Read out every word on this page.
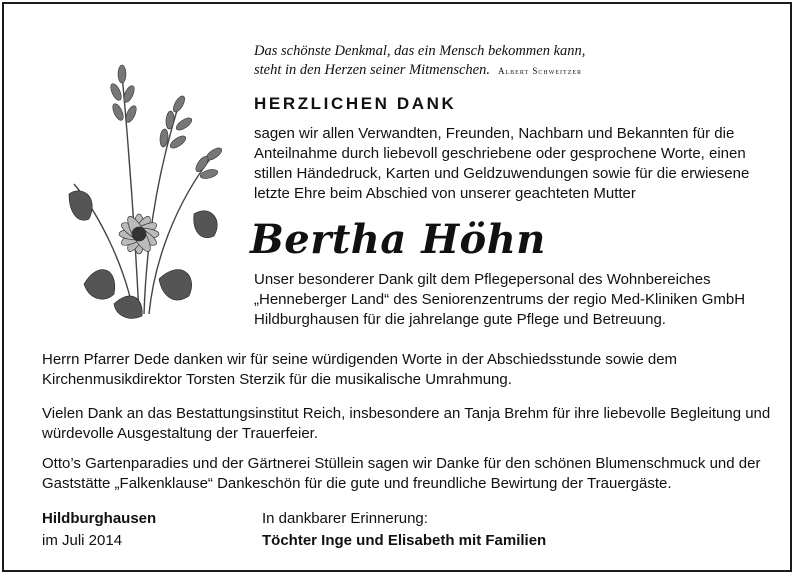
Das schönste Denkmal, das ein Mensch bekommen kann,
steht in den Herzen seiner Mitmenschen. Albert Schweitzer
HERZLICHEN DANK
sagen wir allen Verwandten, Freunden, Nachbarn und Bekannten für die Anteilnahme durch liebevoll geschriebene oder gesprochene Worte, einen stillen Händedruck, Karten und Geldzuwendungen sowie für die erwiesene letzte Ehre beim Abschied von unserer geachteten Mutter
Bertha Höhn
Unser besonderer Dank gilt dem Pflegepersonal des Wohnbereiches „Henneberger Land“ des Seniorenzentrums der regio Med-Kliniken GmbH Hildburghausen für die jahrelange gute Pflege und Betreuung.
Herrn Pfarrer Dede danken wir für seine würdigenden Worte in der Abschiedsstunde sowie dem Kirchenmusikdirektor Torsten Sterzik für die musikalische Umrahmung.
Vielen Dank an das Bestattungsinstitut Reich, insbesondere an Tanja Brehm für ihre liebevolle Begleitung und würdevolle Ausgestaltung der Trauerfeier.
Otto’s Gartenparadies und der Gärtnerei Stüllein sagen wir Danke für den schönen Blumenschmuck und der Gaststätte „Falkenklause“ Dankeschön für die gute und freundliche Bewirtung der Trauergäste.
Hildburghausen
im Juli 2014
In dankbarer Erinnerung:
Töchter Inge und Elisabeth mit Familien
